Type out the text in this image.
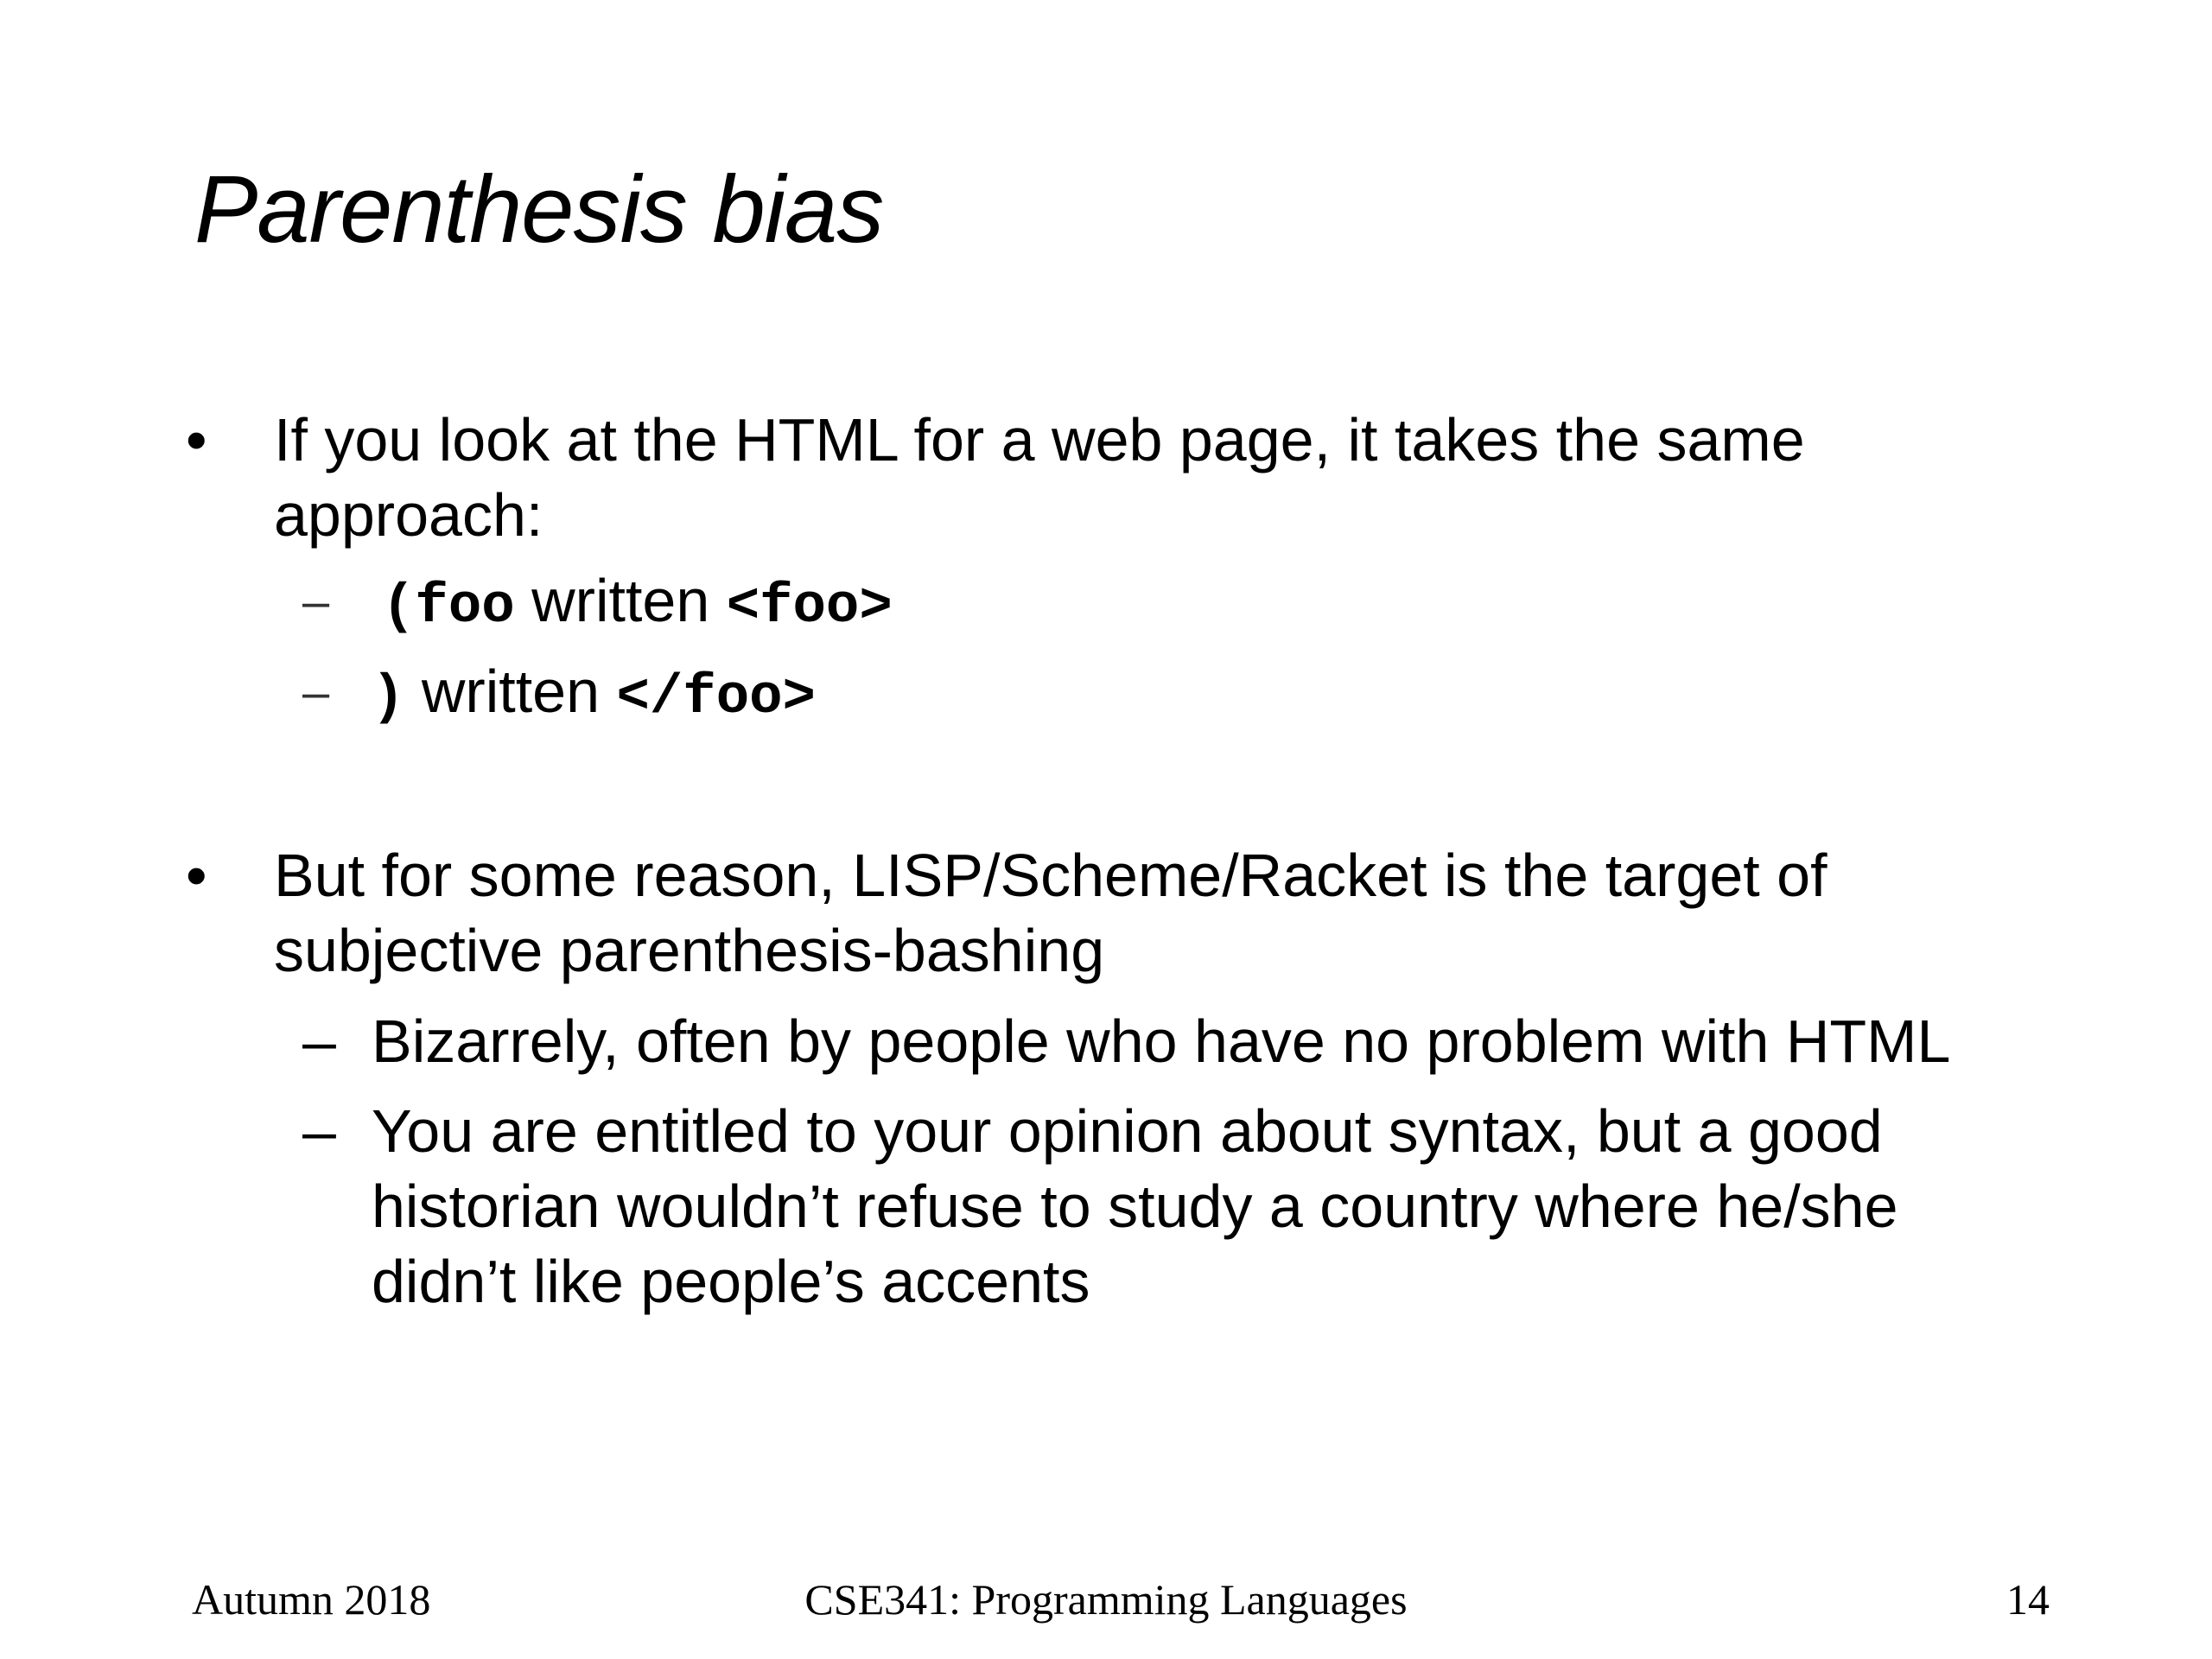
Parenthesis bias
• If you look at the HTML for a web page, it takes the same approach:
– (foo written <foo>
– ) written </foo>
• But for some reason, LISP/Scheme/Racket is the target of subjective parenthesis-bashing
– Bizarrely, often by people who have no problem with HTML
– You are entitled to your opinion about syntax, but a good historian wouldn’t refuse to study a country where he/she didn’t like people’s accents
Autumn 2018	CSE341: Programming Languages	14
